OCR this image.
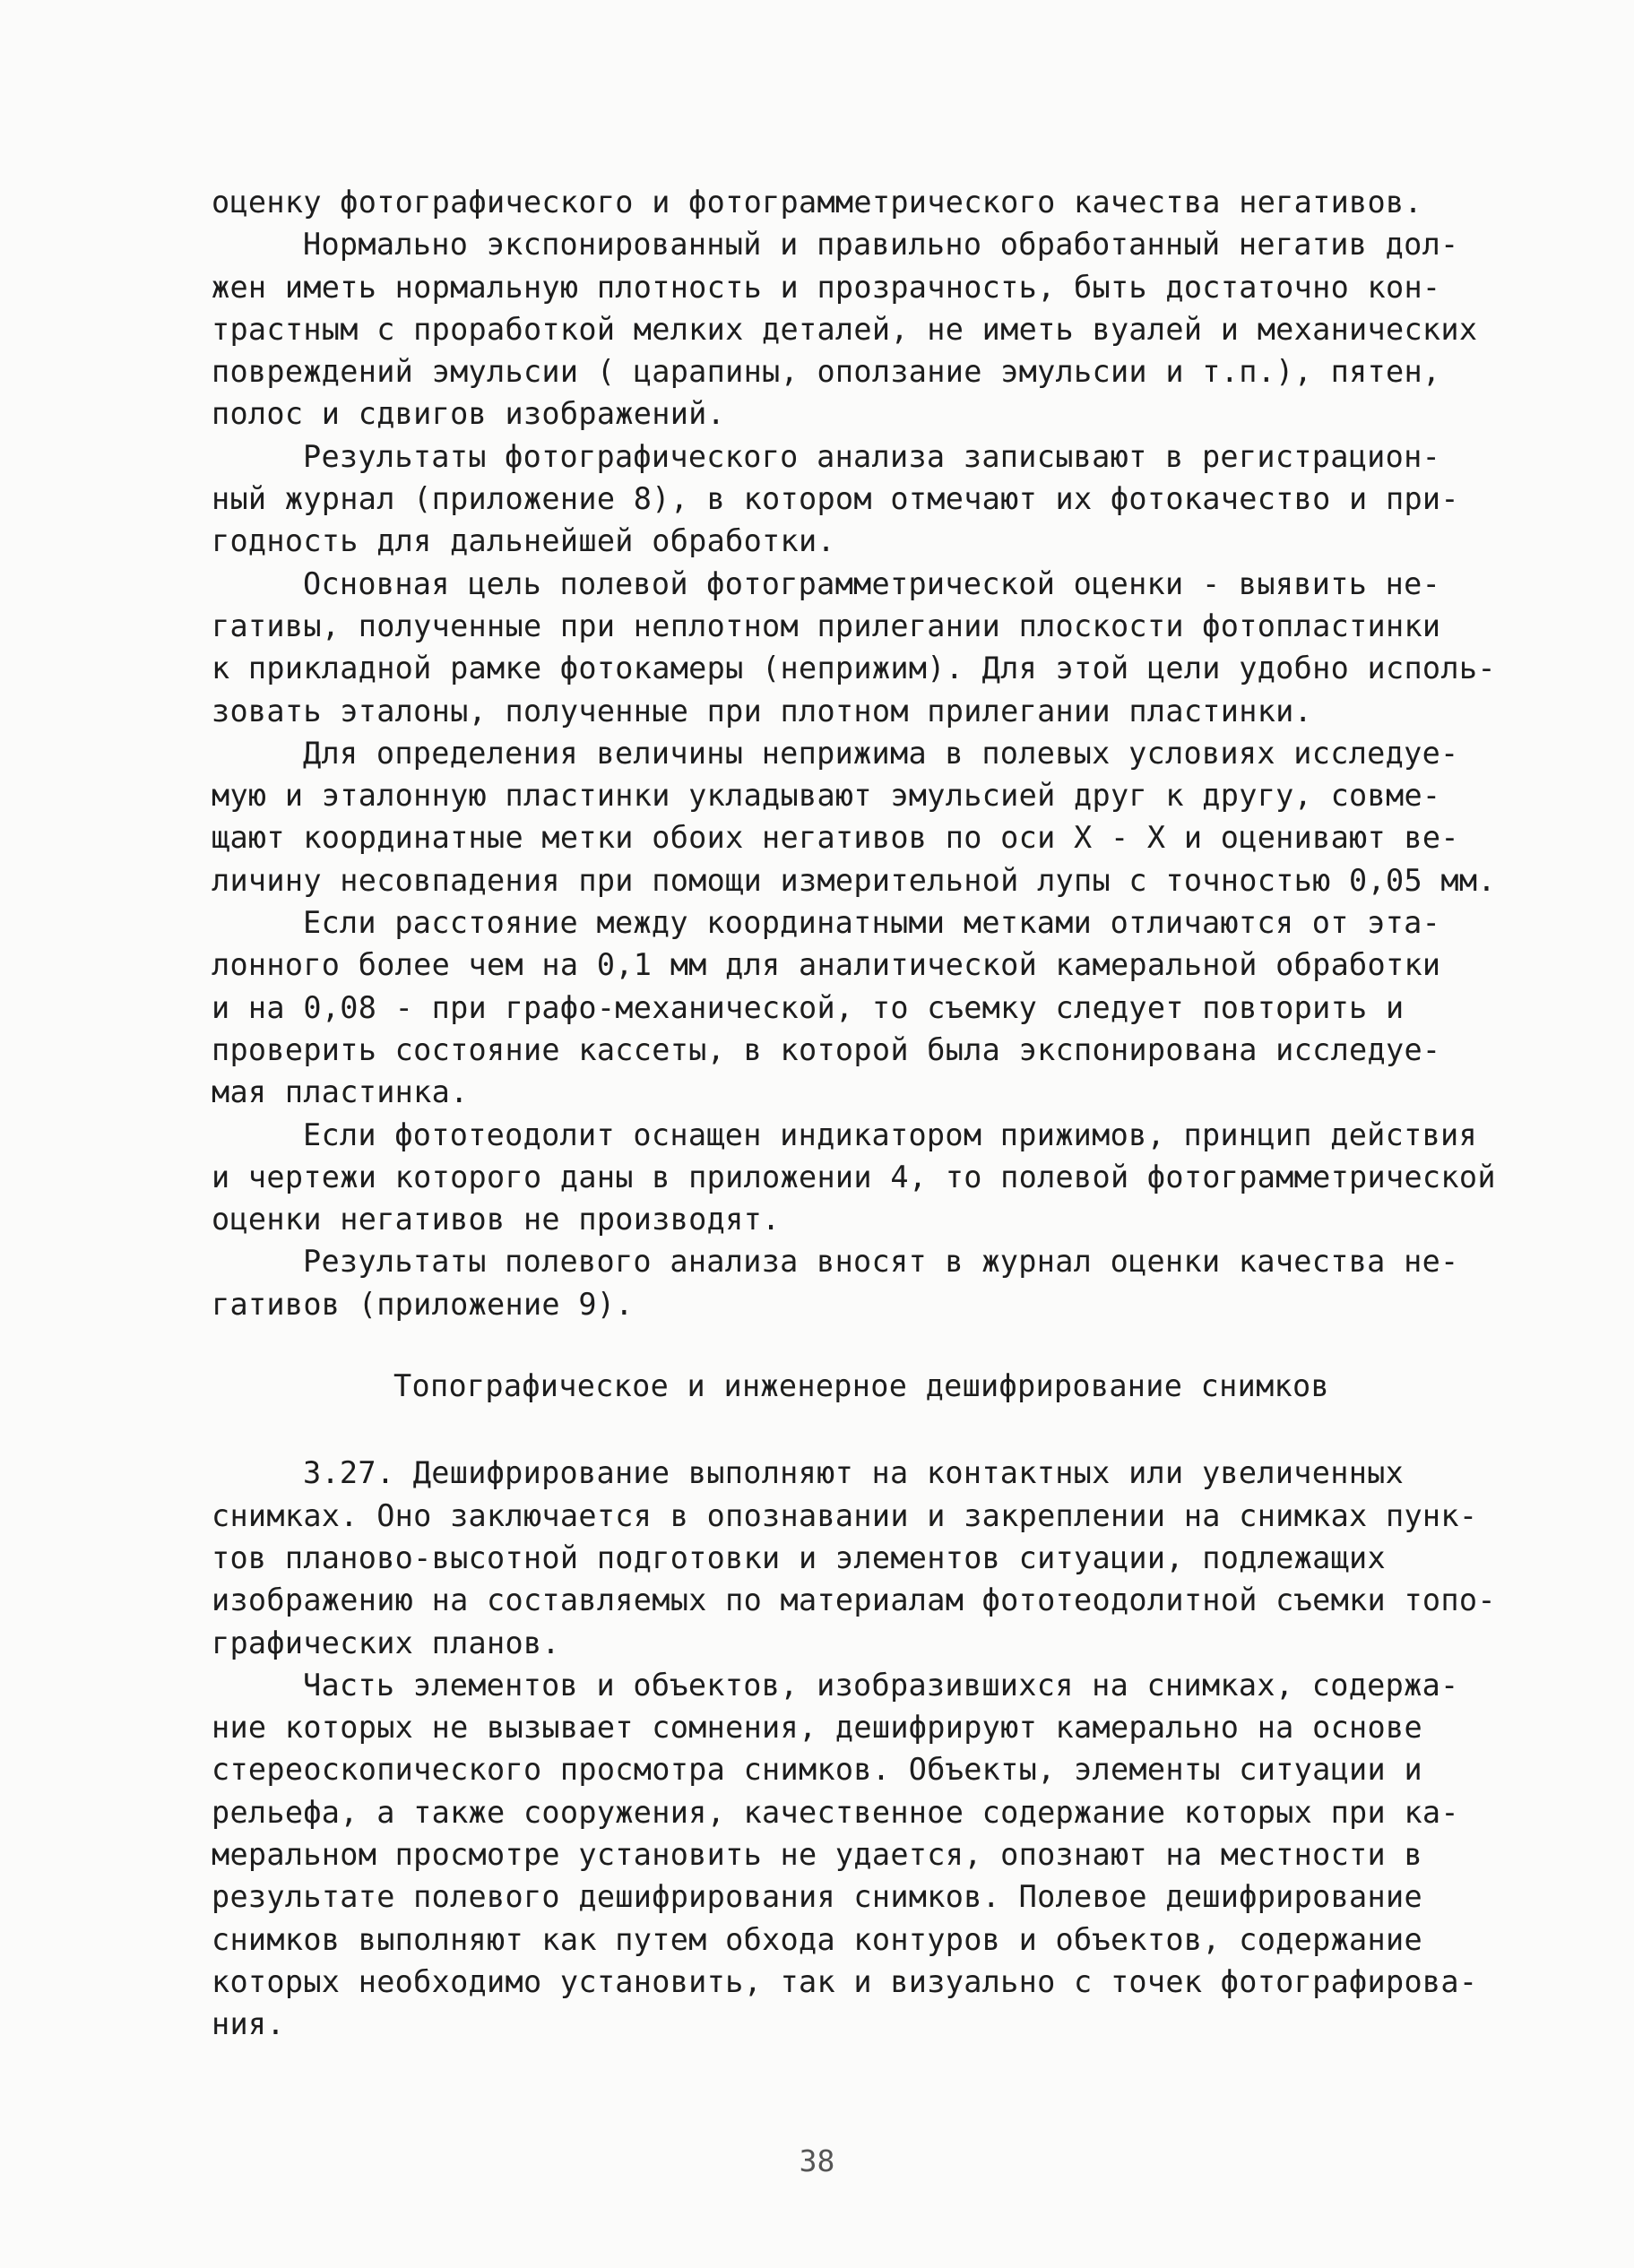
оценку фотографического и фотограмметрического качества негативов.
Нормально экспонированный и правильно обработанный негатив дол-
жен иметь нормальную плотность и прозрачность, быть достаточно кон-
трастным с проработкой мелких деталей, не иметь вуалей и механических
повреждений эмульсии ( царапины, оползание эмульсии и т.п.), пятен,
полос и сдвигов изображений.
Результаты фотографического анализа записывают в регистрацион-
ный журнал (приложение 8), в котором отмечают их фотокачество и при-
годность для дальнейшей обработки.
Основная цель полевой фотограмметрической оценки - выявить не-
гативы, полученные при неплотном прилегании плоскости фотопластинки
к прикладной рамке фотокамеры (неприжим). Для этой цели удобно исполь-
зовать эталоны, полученные при плотном прилегании пластинки.
Для определения величины неприжима в полевых условиях исследуе-
мую и эталонную пластинки укладывают эмульсией друг к другу, совме-
щают координатные метки обоих негативов по оси X - X и оценивают ве-
личину несовпадения при помощи измерительной лупы с точностью 0,05 мм.
Если расстояние между координатными метками отличаются от эта-
лонного более чем на 0,1 мм для аналитической камеральной обработки
и на 0,08 - при графо-механической, то съемку следует повторить и
проверить состояние кассеты, в которой была экспонирована исследуе-
мая пластинка.
Если фототеодолит оснащен индикатором прижимов, принцип действия
и чертежи которого даны в приложении 4, то полевой фотограмметрической
оценки негативов не производят.
Результаты полевого анализа вносят в журнал оценки качества не-
гативов (приложение 9).
Топографическое и инженерное дешифрирование снимков
3.27. Дешифрирование выполняют на контактных или увеличенных
снимках. Оно заключается в опознавании и закреплении на снимках пунк-
тов планово-высотной подготовки и элементов ситуации, подлежащих
изображению на составляемых по материалам фототеодолитной съемки топо-
графических планов.
Часть элементов и объектов, изобразившихся на снимках, содержа-
ние которых не вызывает сомнения, дешифрируют камерально на основе
стереоскопического просмотра снимков. Объекты, элементы ситуации и
рельефа, а также сооружения, качественное содержание которых при ка-
меральном просмотре установить не удается, опознают на местности в
результате полевого дешифрирования снимков. Полевое дешифрирование
снимков выполняют как путем обхода контуров и объектов, содержание
которых необходимо установить, так и визуально с точек фотографирова-
ния.
38
